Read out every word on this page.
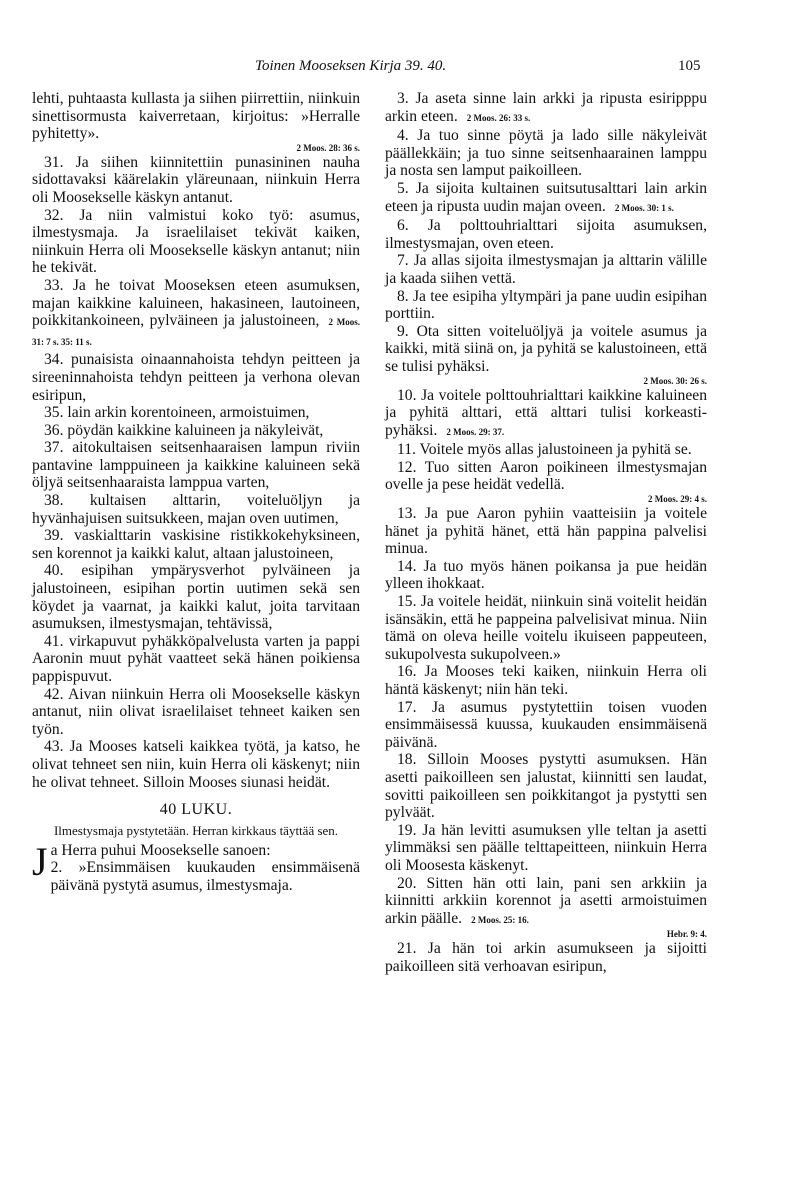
Toinen Mooseksen Kirja 39. 40.	105

lehti, puhtaasta kullasta ja siihen piirrettiin, niinkuin sinettisormusta kaiverretaan, kirjoitus: »Herralle pyhitetty».
2 Moos. 28: 36 s.

31. Ja siihen kiinnitettiin punasininen nauha sidottavaksi käärelakin yläreunaan, niinkuin Herra oli Moosekselle käskyn antanut.

32. Ja niin valmistui koko työ: asumus, ilmestysmaja. Ja israelilaiset tekivät kaiken, niinkuin Herra oli Moosekselle käskyn antanut; niin he tekivät.

33. Ja he toivat Mooseksen eteen asumuksen, majan kaikkine kaluineen, hakasineen, lautoineen, poikkitankoineen, pylväineen ja jalustoineen, 2 Moos. 31: 7 s. 35: 11 s.

34. punaisista oinaannahoista tehdyn peitteen ja sireeninnahoista tehdyn peitteen ja verhona olevan esiripun,

35. lain arkin korentoineen, armoistuimen,

36. pöydän kaikkine kaluineen ja näkyleivät,

37. aitokultaisen seitsenhaaraisen lampun riviin pantavine lamppuineen ja kaikkine kaluineen sekä öljyä seitsenhaaraista lamppua varten,

38. kultaisen alttarin, voiteluöljyn ja hyvänhajuisen suitsukkeen, majan oven uutimen,

39. vaskialttarin vaskisine ristikkokehyksineen, sen korennot ja kaikki kalut, altaan jalustoineen,

40. esipihan ympärysverhot pylväineen ja jalustoineen, esipihan portin uutimen sekä sen köydet ja vaarnat, ja kaikki kalut, joita tarvitaan asumuksen, ilmestysmajan, tehtävissä,

41. virkapuvut pyhäkköpalvelusta varten ja pappi Aaronin muut pyhät vaatteet sekä hänen poikiensa pappispuvut.

42. Aivan niinkuin Herra oli Moosekselle käskyn antanut, niin olivat israelilaiset tehneet kaiken sen työn.

43. Ja Mooses katseli kaikkea työtä, ja katso, he olivat tehneet sen niin, kuin Herra oli käskenyt; niin he olivat tehneet. Silloin Mooses siunasi heidät.

40 LUKU.
Ilmestysmaja pystytetään. Herran kirkkaus täyttää sen.

Ja Herra puhui Moosekselle sanoen:
2. »Ensimmäisen kuukauden ensimmäisenä päivänä pystytä asumus, ilmestysmaja.

3. Ja aseta sinne lain arkki ja ripusta esiripppu arkin eteen. 2 Moos. 26: 33 s.

4. Ja tuo sinne pöytä ja lado sille näkyleivät päällekkäin; ja tuo sinne seitsenhaarainen lamppu ja nosta sen lamput paikoilleen.

5. Ja sijoita kultainen suitsutusalttari lain arkin eteen ja ripusta uudin majan oveen. 2 Moos. 30: 1 s.

6. Ja polttouhrialttari sijoita asumuksen, ilmestysmajan, oven eteen.

7. Ja allas sijoita ilmestysmajan ja alttarin välille ja kaada siihen vettä.

8. Ja tee esipiha yltympäri ja pane uudin esipihan porttiin.

9. Ota sitten voiteluöljyä ja voitele asumus ja kaikki, mitä siinä on, ja pyhitä se kalustoineen, että se tulisi pyhäksi.
2 Moos. 30: 26 s.

10. Ja voitele polttouhrialttari kaikkine kaluineen ja pyhitä alttari, että alttari tulisi korkeasti-pyhäksi. 2 Moos. 29: 37.

11. Voitele myös allas jalustoineen ja pyhitä se.

12. Tuo sitten Aaron poikineen ilmestysmajan ovelle ja pese heidät vedellä.
2 Moos. 29: 4 s.

13. Ja pue Aaron pyhiin vaatteisiin ja voitele hänet ja pyhitä hänet, että hän pappina palvelisi minua.

14. Ja tuo myös hänen poikansa ja pue heidän ylleen ihokkaat.

15. Ja voitele heidät, niinkuin sinä voitelit heidän isänsäkin, että he pappeina palvelisivat minua. Niin tämä on oleva heille voitelu ikuiseen pappeuteen, sukupolvesta sukupolveen.»

16. Ja Mooses teki kaiken, niinkuin Herra oli häntä käskenyt; niin hän teki.

17. Ja asumus pystytettiin toisen vuoden ensimmäisessä kuussa, kuukauden ensimmäisenä päivänä.

18. Silloin Mooses pystytti asumuksen. Hän asetti paikoilleen sen jalustat, kiinnitti sen laudat, sovitti paikoilleen sen poikkitangot ja pystytti sen pylväät.

19. Ja hän levitti asumuksen ylle teltan ja asetti ylimmäksi sen päälle telttapeitteen, niinkuin Herra oli Moosesta käskenyt.

20. Sitten hän otti lain, pani sen arkkiin ja kiinnitti arkkiin korennot ja asetti armoistuimen arkin päälle. 2 Moos. 25: 16.
Hebr. 9: 4.

21. Ja hän toi arkin asumukseen ja sijoitti paikoilleen sitä verhoavan esiripun,
